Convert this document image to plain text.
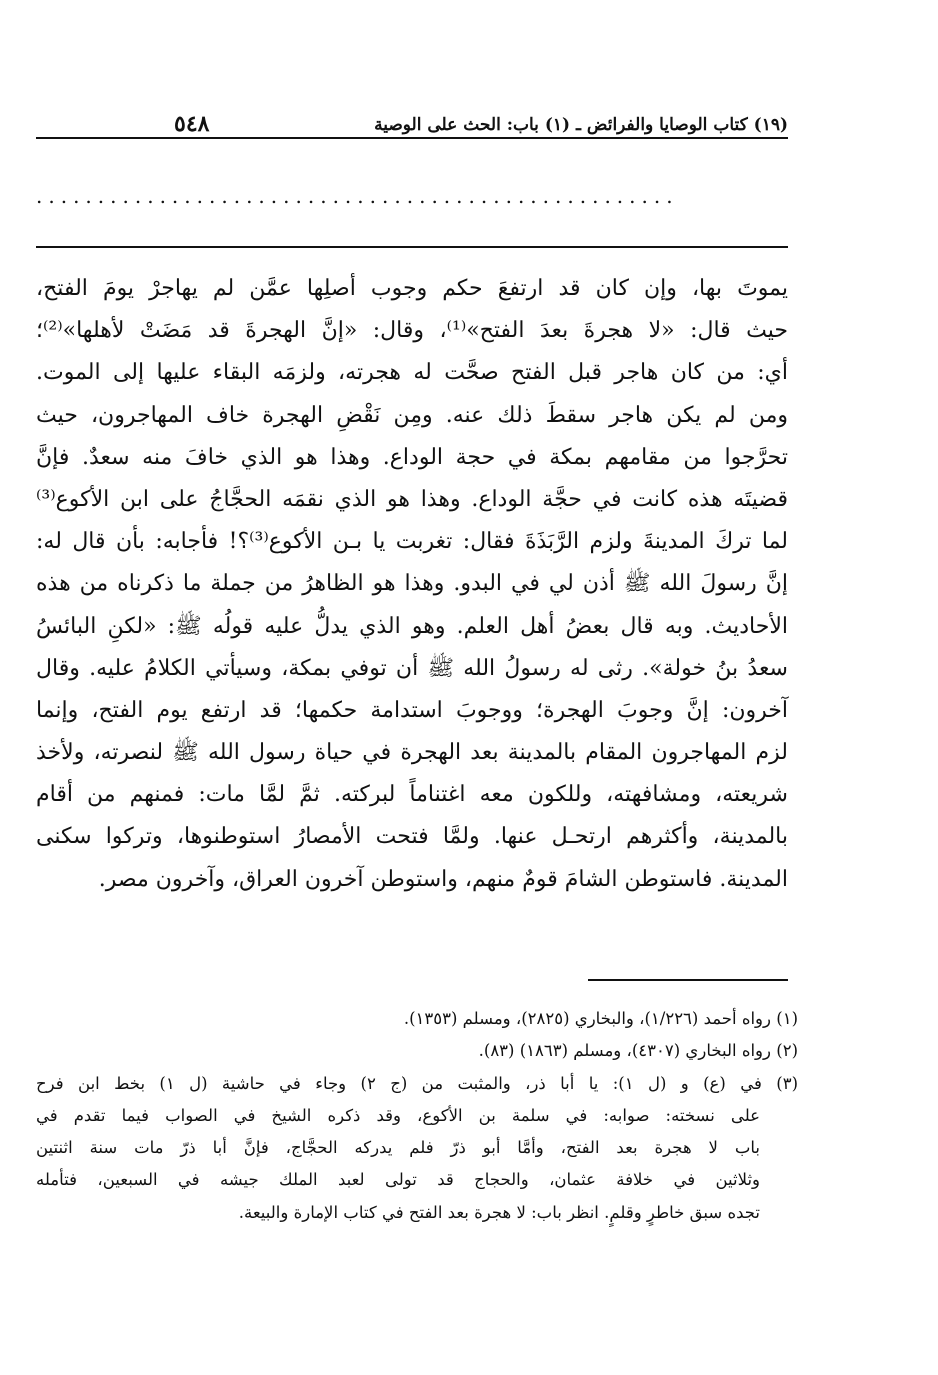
٥٤٨	(١٩) كتاب الوصايا والفرائض ـ (١) باب: الحث على الوصية
....................................................
يموتَ بها، وإن كان قد ارتفعَ حكم وجوب أصلِها عمَّن لم يهاجرْ يومَ الفتح،
حيث قال: «لا هجرةَ بعدَ الفتح»⁽¹⁾، وقال: «إنَّ الهجرةَ قد مَضَتْ لأهلها»⁽²⁾؛
أي: من كان هاجر قبل الفتح صحَّت له هجرته، ولزمَه البقاء عليها إلى الموت.
ومن لم يكن هاجر سقطَ ذلك عنه. ومِن نَقْضِ الهجرة خاف المهاجرون، حيث
تحرَّجوا من مقامهم بمكة في حجة الوداع. وهذا هو الذي خافَ منه سعدٌ. فإنَّ
قضيتَه هذه كانت في حجَّة الوداع. وهذا هو الذي نقمَه الحجَّاجُ على ابن الأكوع⁽³⁾
لما تركَ المدينةَ ولزم الرَّبَذَةَ فقال: تغربت يا بـن الأكوع⁽³⁾؟! فأجابه: بأن قال له:
إنَّ رسولَ الله ﷺ أذن لي في البدو. وهذا هو الظاهرُ من جملة ما ذكرناه من هذه
الأحاديث. وبه قال بعضُ أهل العلم. وهو الذي يدلُّ عليه قولُه ﷺ: «لكنِ البائسُ
سعدُ بنُ خولة». رثى له رسولُ الله ﷺ أن توفي بمكة، وسيأتي الكلامُ عليه. وقال
آخرون: إنَّ وجوبَ الهجرة؛ ووجوبَ استدامة حكمها؛ قد ارتفع يوم الفتح، وإنما
لزم المهاجرون المقام بالمدينة بعد الهجرة في حياة رسول الله ﷺ لنصرته، ولأخذ
شريعته، ومشافهته، وللكون معه اغتناماً لبركته. ثمَّ لمَّا مات: فمنهم من أقام
بالمدينة، وأكثرهم ارتحـل عنها. ولمَّا فتحت الأمصارُ استوطنوها، وتركوا سكنى
المدينة. فاستوطن الشامَ قومٌ منهم، واستوطن آخرون العراق، وآخرون مصر.
(١) رواه أحمد (١/٢٢٦)، والبخاري (٢٨٢٥)، ومسلم (١٣٥٣).
(٢) رواه البخاري (٤٣٠٧)، ومسلم (١٨٦٣) (٨٣).
(٣) في (ع) و (ل ١): يا أبا ذر، والمثبت من (ج ٢) وجاء في حاشية (ل ١) بخط ابن فرح
على نسخته: صوابه: في سلمة بن الأكوع، وقد ذكره الشيخ في الصواب فيما تقدم في
باب لا هجرة بعد الفتح، وأمَّا أبو ذرّ فلم يدركه الحجَّاج، فإنَّ أبا ذرّ مات سنة اثنتين
وثلاثين في خلافة عثمان، والحجاج قد تولى لعبد الملك جيشه في السبعين، فتأمله
تجده سبق خاطرٍ وقلمٍ. انظر باب: لا هجرة بعد الفتح في كتاب الإمارة والبيعة.
